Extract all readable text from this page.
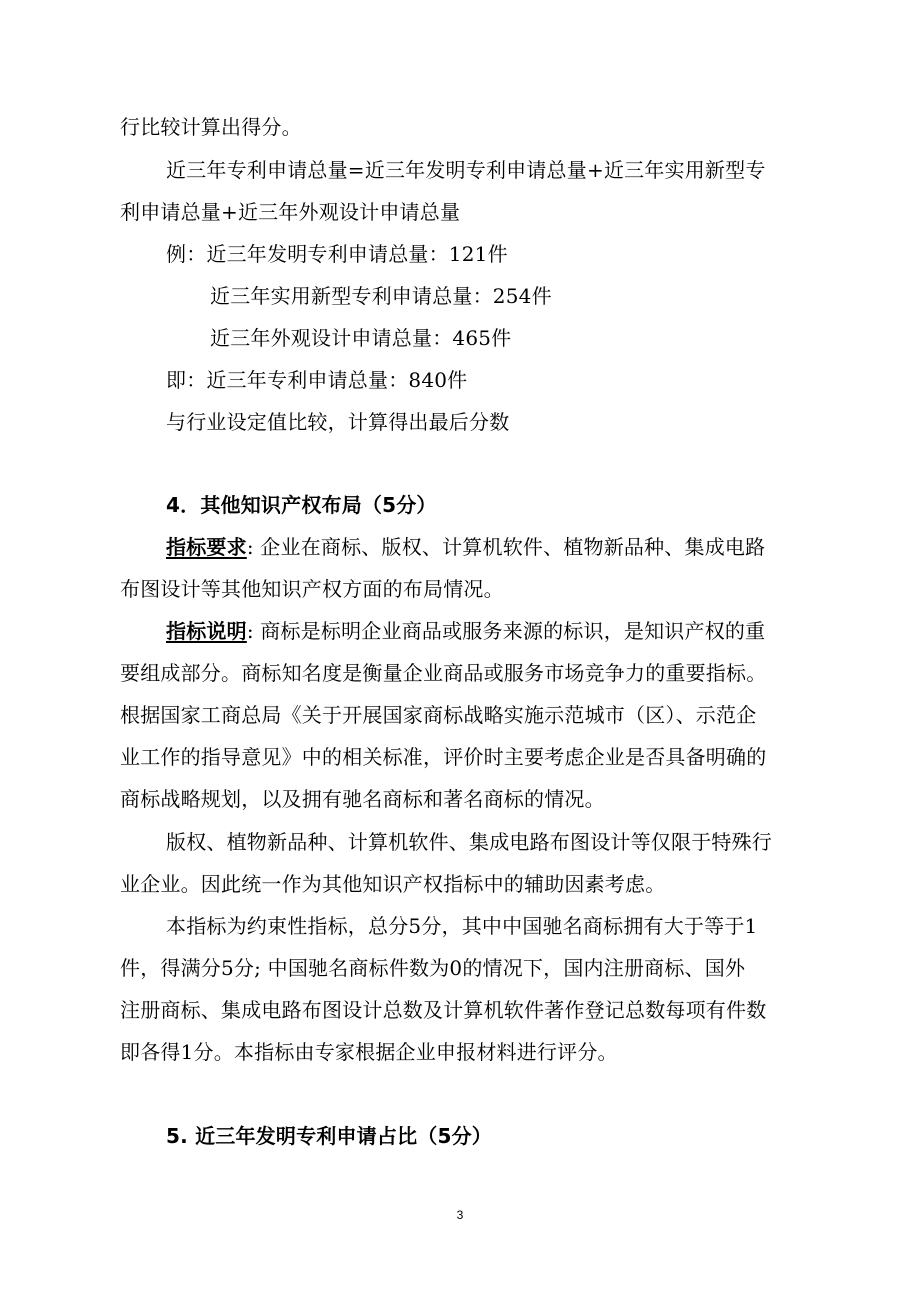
行比较计算出得分。
近三年专利申请总量=近三年发明专利申请总量+近三年实用新型专
利申请总量+近三年外观设计申请总量
例：近三年发明专利申请总量：121件
近三年实用新型专利申请总量：254件
近三年外观设计申请总量：465件
即：近三年专利申请总量：840件
与行业设定值比较，计算得出最后分数
4．其他知识产权布局（5分）
指标要求: 企业在商标、版权、计算机软件、植物新品种、集成电路
布图设计等其他知识产权方面的布局情况。
指标说明: 商标是标明企业商品或服务来源的标识，是知识产权的重
要组成部分。商标知名度是衡量企业商品或服务市场竞争力的重要指标。
根据国家工商总局《关于开展国家商标战略实施示范城市（区）、示范企
业工作的指导意见》中的相关标准，评价时主要考虑企业是否具备明确的
商标战略规划，以及拥有驰名商标和著名商标的情况。
版权、植物新品种、计算机软件、集成电路布图设计等仅限于特殊行
业企业。因此统一作为其他知识产权指标中的辅助因素考虑。
本指标为约束性指标，总分5分，其中中国驰名商标拥有大于等于1
件，得满分5分; 中国驰名商标件数为0的情况下，国内注册商标、国外
注册商标、集成电路布图设计总数及计算机软件著作登记总数每项有件数
即各得1分。本指标由专家根据企业申报材料进行评分。
5. 近三年发明专利申请占比（5分）
3
